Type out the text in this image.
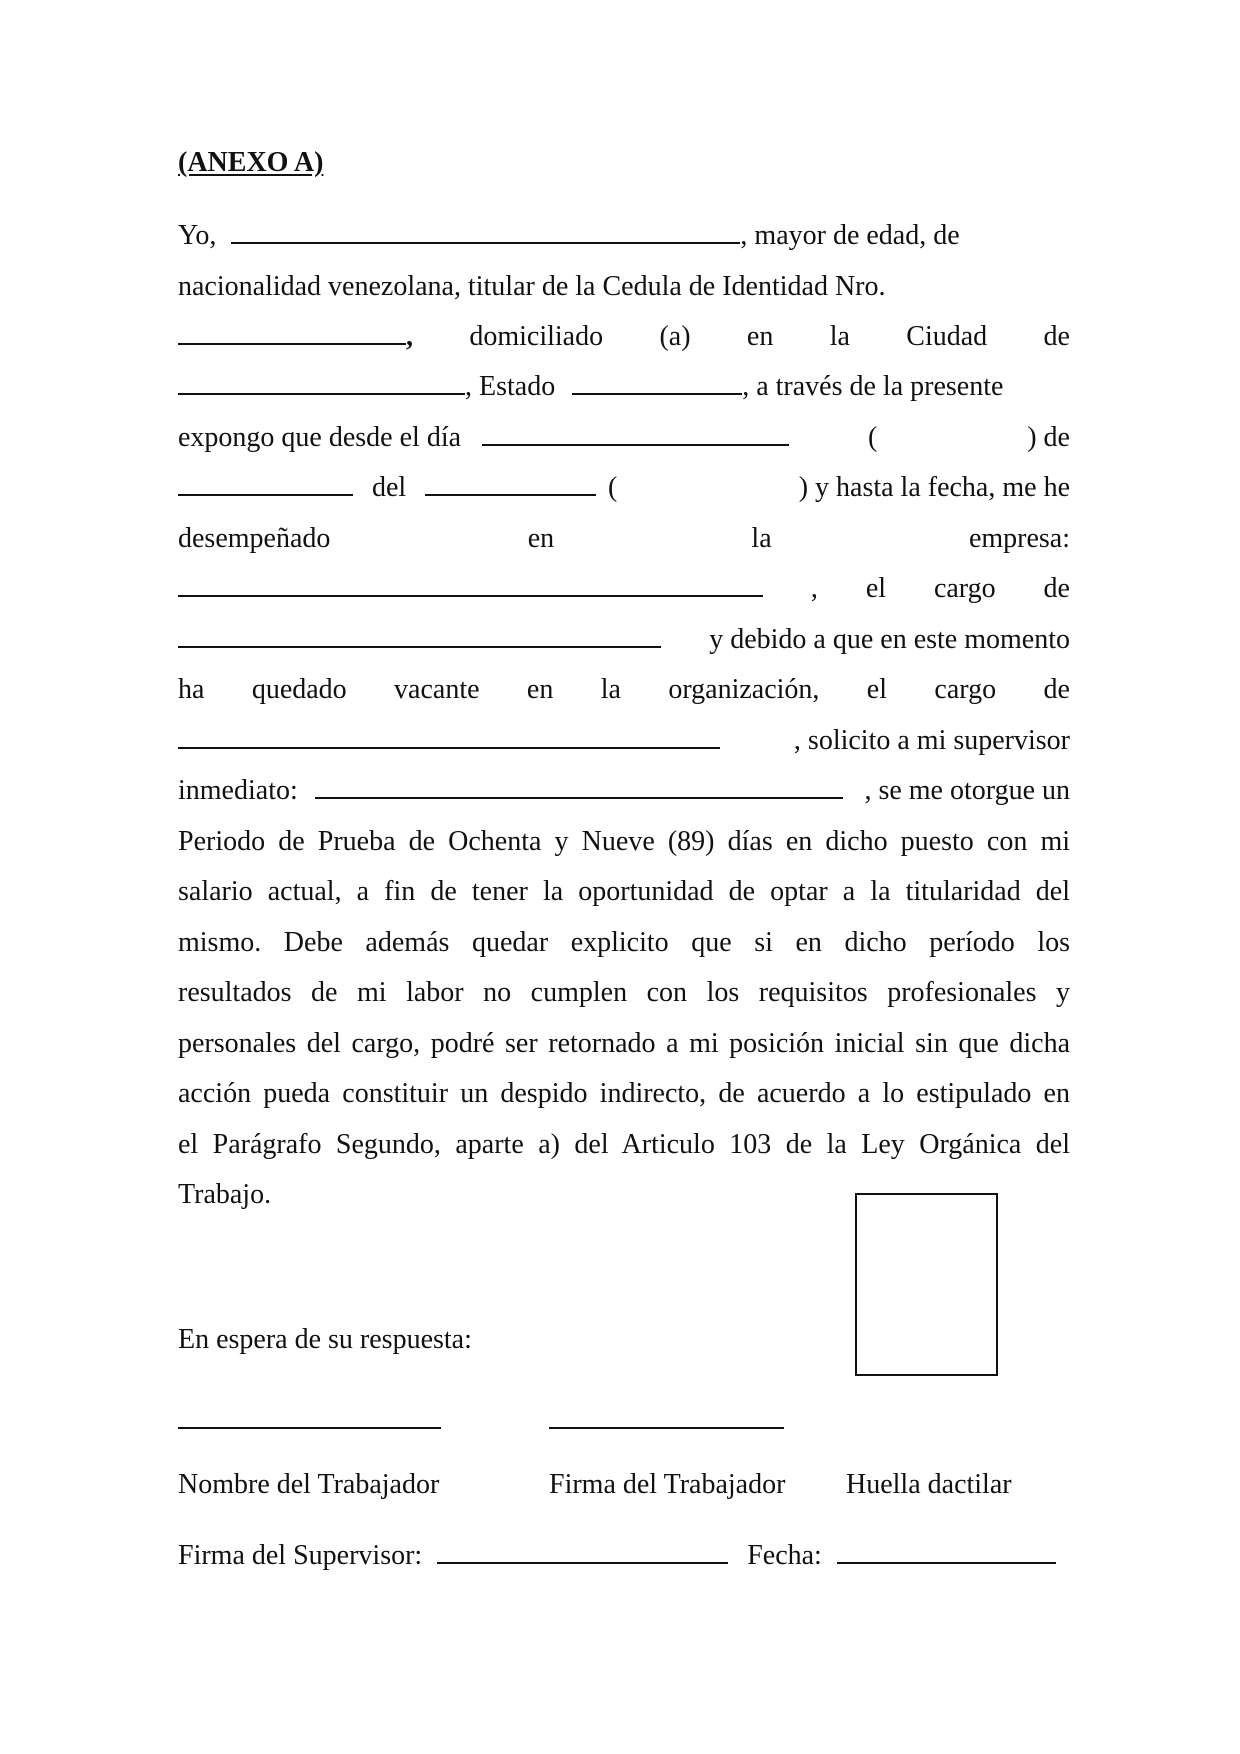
(ANEXO A)
Yo,	, mayor de edad, de
nacionalidad venezolana, titular de la Cedula de Identidad Nro.
, domiciliado (a) en la Ciudad de
, Estado	, a través de la presente
expongo que desde el día	(	) de
del	(	) y hasta la fecha, me he
desempeñado	en	la	empresa:
, el cargo de
y debido a que en este momento
ha quedado vacante en la organización, el cargo de
, solicito a mi supervisor
inmediato:	, se me otorgue un
Periodo de Prueba de Ochenta y Nueve (89) días en dicho puesto con mi
salario actual, a fin de tener la oportunidad de optar a la titularidad del
mismo. Debe además quedar explicito que si en dicho período los
resultados de mi labor no cumplen con los requisitos profesionales y
personales del cargo, podré ser retornado a mi posición inicial sin que dicha
acción pueda constituir un despido indirecto, de acuerdo a lo estipulado en
el Parágrafo Segundo, aparte a) del Articulo 103 de la Ley Orgánica del
Trabajo.
En espera de su respuesta:
Nombre del Trabajador	Firma del Trabajador Huella dactilar
Firma del Supervisor:	Fecha:
